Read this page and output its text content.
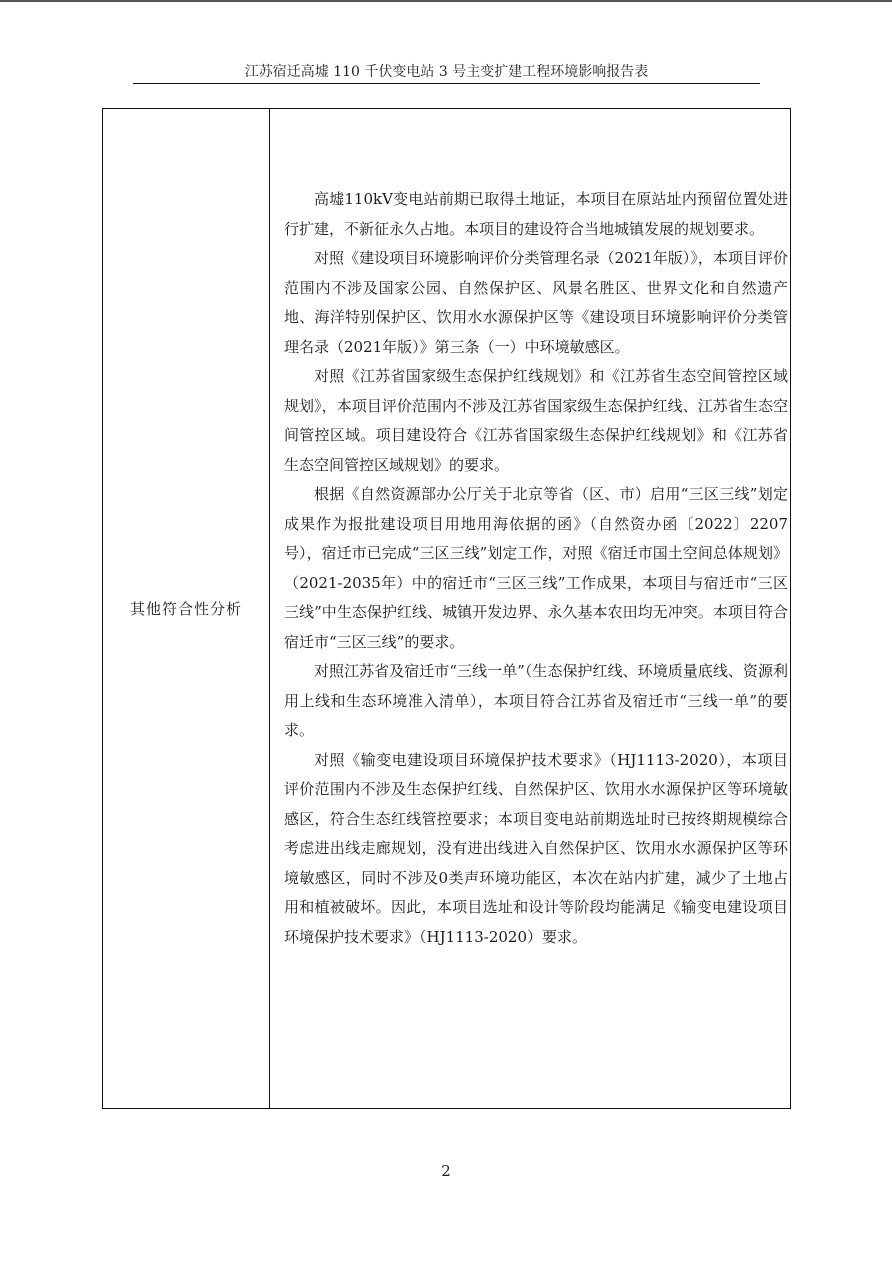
江苏宿迁高墟 110 千伏变电站 3 号主变扩建工程环境影响报告表
其他符合性分析

高墟110kV变电站前期已取得土地证，本项目在原站址内预留位置处进行扩建，不新征永久占地。本项目的建设符合当地城镇发展的规划要求。

对照《建设项目环境影响评价分类管理名录（2021年版）》，本项目评价范围内不涉及国家公园、自然保护区、风景名胜区、世界文化和自然遗产地、海洋特别保护区、饮用水水源保护区等《建设项目环境影响评价分类管理名录（2021年版）》第三条（一）中环境敏感区。

对照《江苏省国家级生态保护红线规划》和《江苏省生态空间管控区域规划》，本项目评价范围内不涉及江苏省国家级生态保护红线、江苏省生态空间管控区域。项目建设符合《江苏省国家级生态保护红线规划》和《江苏省生态空间管控区域规划》的要求。

根据《自然资源部办公厅关于北京等省（区、市）启用“三区三线”划定成果作为报批建设项目用地用海依据的函》（自然资办函〔2022〕2207号），宿迁市已完成“三区三线”划定工作，对照《宿迁市国土空间总体规划》（2021-2035年）中的宿迁市“三区三线”工作成果，本项目与宿迁市“三区三线”中生态保护红线、城镇开发边界、永久基本农田均无冲突。本项目符合宿迁市“三区三线”的要求。

对照江苏省及宿迁市“三线一单”（生态保护红线、环境质量底线、资源利用上线和生态环境准入清单），本项目符合江苏省及宿迁市“三线一单”的要求。

对照《输变电建设项目环境保护技术要求》（HJ1113-2020），本项目评价范围内不涉及生态保护红线、自然保护区、饮用水水源保护区等环境敏感区，符合生态红线管控要求；本项目变电站前期选址时已按终期规模综合考虑进出线走廊规划，没有进出线进入自然保护区、饮用水水源保护区等环境敏感区，同时不涉及0类声环境功能区，本次在站内扩建，减少了土地占用和植被破坏。因此，本项目选址和设计等阶段均能满足《输变电建设项目环境保护技术要求》（HJ1113-2020）要求。

2
